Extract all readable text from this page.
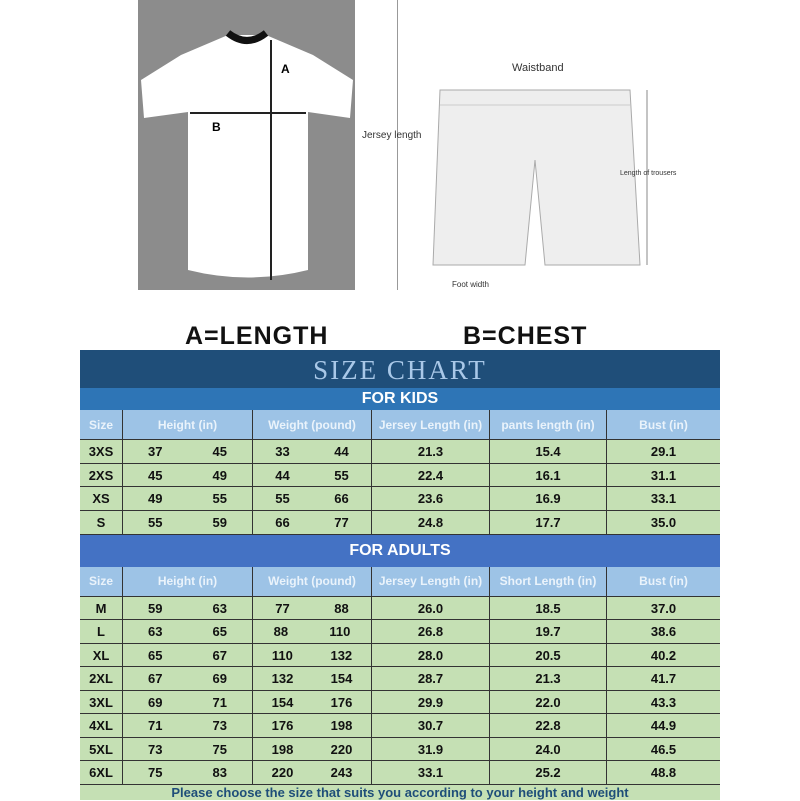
A
B
Jersey length
Waistband
Length of trousers
Foot width
A=LENGTH	B=CHEST
SIZE CHART
FOR KIDS
Size	Height (in)	Weight (pound)	Jersey Length (in)	pants length (in)	Bust (in)
3XS	37	45	33	44	21.3	15.4	29.1
2XS	45	49	44	55	22.4	16.1	31.1
XS	49	55	55	66	23.6	16.9	33.1
S	55	59	66	77	24.8	17.7	35.0
FOR ADULTS
Size	Height (in)	Weight (pound)	Jersey Length (in)	Short Length (in)	Bust (in)
M	59	63	77	88	26.0	18.5	37.0
L	63	65	88	110	26.8	19.7	38.6
XL	65	67	110	132	28.0	20.5	40.2
2XL	67	69	132	154	28.7	21.3	41.7
3XL	69	71	154	176	29.9	22.0	43.3
4XL	71	73	176	198	30.7	22.8	44.9
5XL	73	75	198	220	31.9	24.0	46.5
6XL	75	83	220	243	33.1	25.2	48.8
Please choose the size that suits you according to your height and weight
